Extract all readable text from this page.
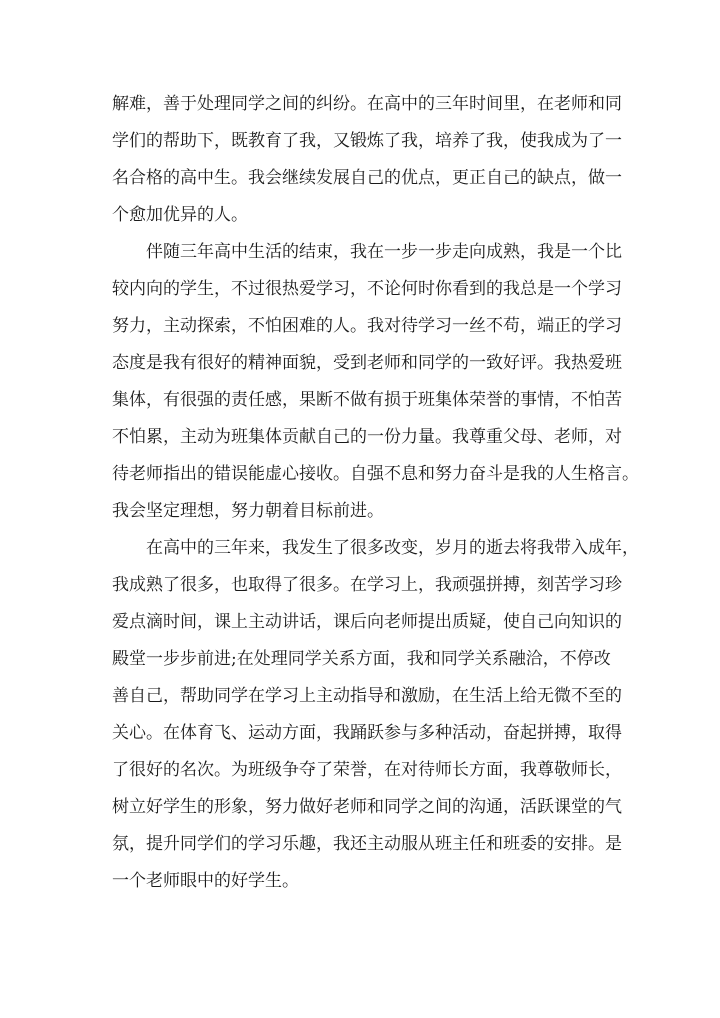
解难，善于处理同学之间的纠纷。在高中的三年时间里，在老师和同
学们的帮助下，既教育了我，又锻炼了我，培养了我，使我成为了一
名合格的高中生。我会继续发展自己的优点，更正自己的缺点，做一
个愈加优异的人。
伴随三年高中生活的结束，我在一步一步走向成熟，我是一个比
较内向的学生，不过很热爱学习，不论何时你看到的我总是一个学习
努力，主动探索，不怕困难的人。我对待学习一丝不苟，端正的学习
态度是我有很好的精神面貌，受到老师和同学的一致好评。我热爱班
集体，有很强的责任感，果断不做有损于班集体荣誉的事情，不怕苦
不怕累，主动为班集体贡献自己的一份力量。我尊重父母、老师，对
待老师指出的错误能虚心接收。自强不息和努力奋斗是我的人生格言。
我会坚定理想，努力朝着目标前进。
在高中的三年来，我发生了很多改变，岁月的逝去将我带入成年，
我成熟了很多，也取得了很多。在学习上，我顽强拼搏，刻苦学习珍
爱点滴时间，课上主动讲话，课后向老师提出质疑，使自己向知识的
殿堂一步步前进;在处理同学关系方面，我和同学关系融洽，不停改
善自己，帮助同学在学习上主动指导和激励，在生活上给无微不至的
关心。在体育飞、运动方面，我踊跃参与多种活动，奋起拼搏，取得
了很好的名次。为班级争夺了荣誉，在对待师长方面，我尊敬师长，
树立好学生的形象，努力做好老师和同学之间的沟通，活跃课堂的气
氛，提升同学们的学习乐趣，我还主动服从班主任和班委的安排。是
一个老师眼中的好学生。
